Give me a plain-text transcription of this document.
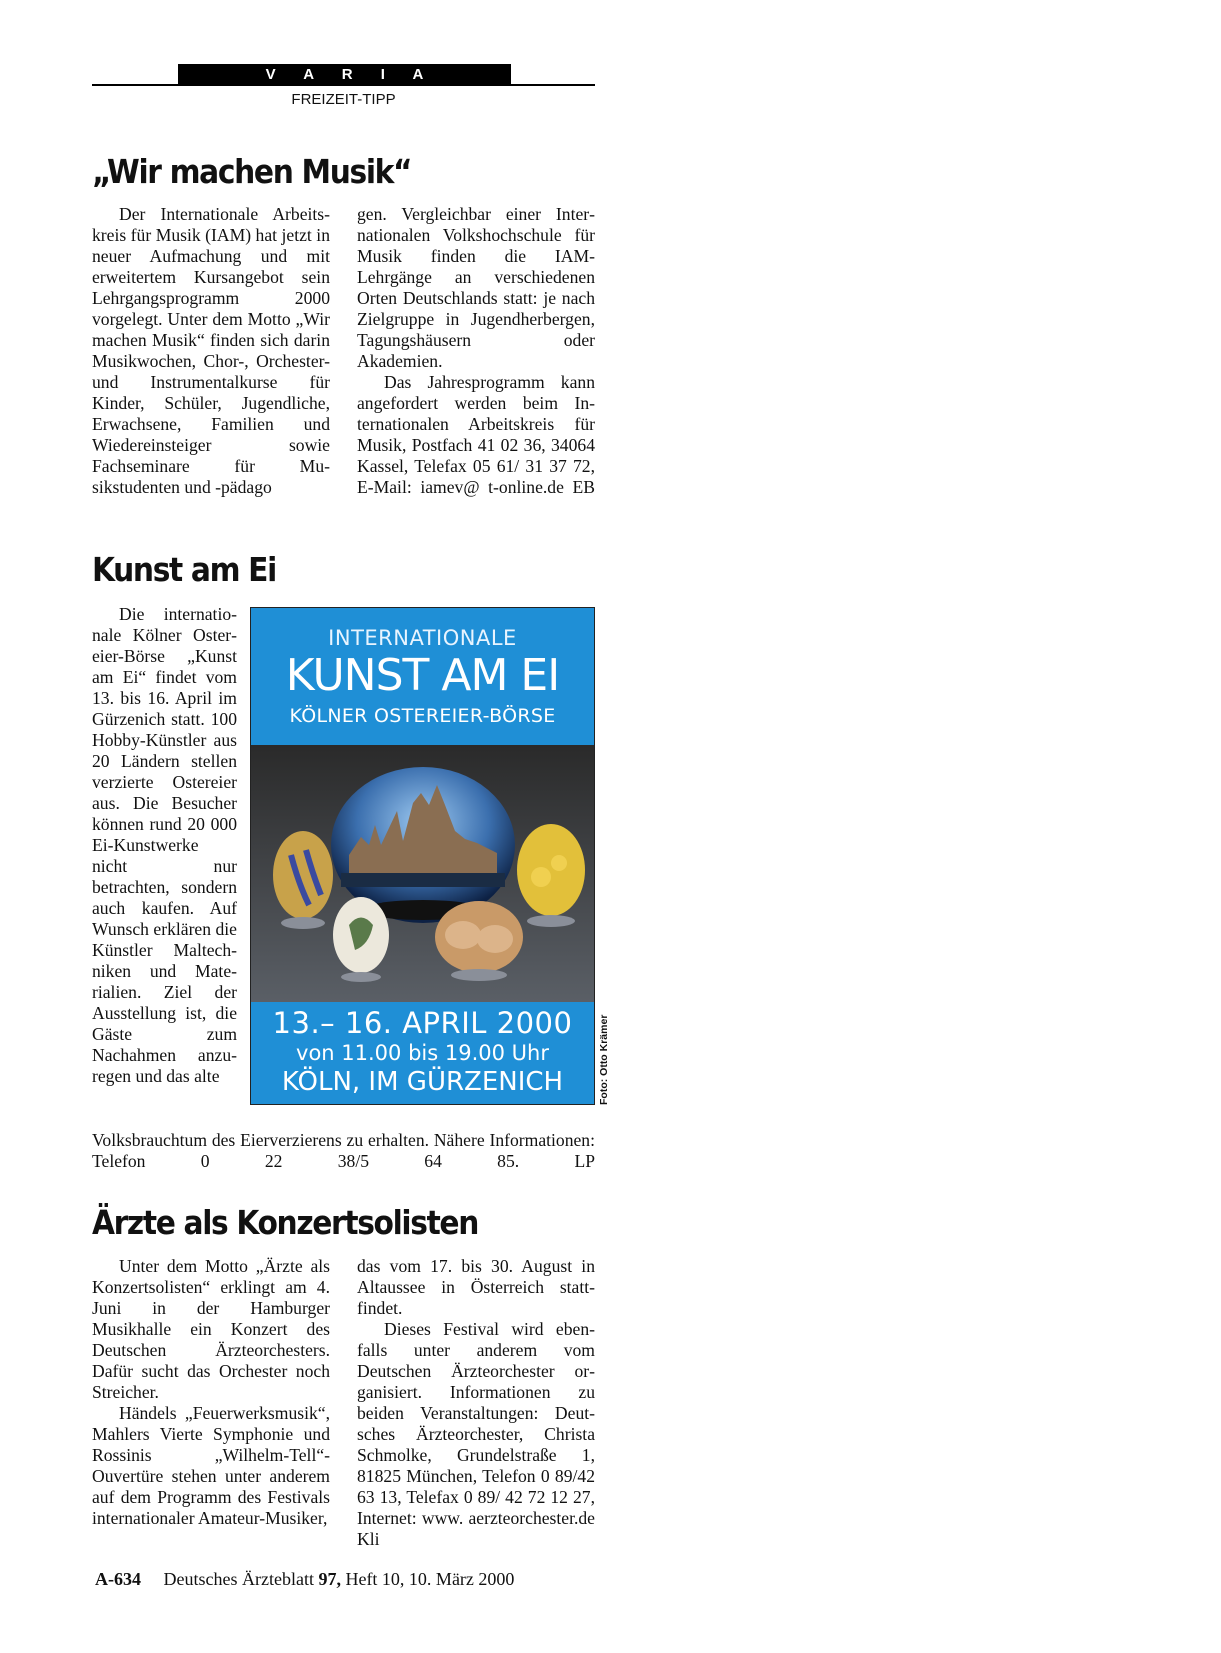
V A R I A
FREIZEIT-TIPP
„Wir machen Musik“

Der Internationale Arbeitskreis für Musik (IAM) hat jetzt in neuer Aufmachung und mit erweitertem Kursangebot sein Lehrgangsprogramm 2000 vorgelegt. Unter dem Motto „Wir machen Musik“ finden sich darin Musikwochen, Chor-, Orchester- und Instrumentalkurse für Kinder, Schüler, Jugendliche, Erwachsene, Familien und Wiedereinsteiger sowie Fachseminare für Musikstudenten und -pädago

gen. Vergleichbar einer Internationalen Volkshochschule für Musik finden die IAM-Lehrgänge an verschiedenen Orten Deutschlands statt: je nach Zielgruppe in Jugendherbergen, Tagungshäusern oder Akademien.

Das Jahresprogramm kann angefordert werden beim Internationalen Arbeitskreis für Musik, Postfach 41 02 36, 34064 Kassel, Telefax 05 61/ 31 37 72, E-Mail: iamev@ t-online.de EB

Kunst am Ei

Die internationale Kölner Ostereier-Börse „Kunst am Ei“ findet vom 13. bis 16. April im Gürzenich statt. 100 Hobby-Künstler aus 20 Ländern stellen verzierte Ostereier aus. Die Besucher können rund 20 000 Ei-Kunstwerke nicht nur betrachten, sondern auch kaufen. Auf Wunsch erklären die Künstler Maltechniken und Materialien. Ziel der Ausstellung ist, die Gäste zum Nachahmen anzuregen und das alte

Volksbrauchtum des Eierverzierens zu erhalten. Nähere Informationen: Telefon 0 22 38/5 64 85. LP

INTERNATIONALE
KUNST AM EI
KÖLNER OSTEREIER-BÖRSE
13.– 16. APRIL 2000
von 11.00 bis 19.00 Uhr
KÖLN, IM GÜRZENICH	Foto: Otto Krämer
Ärzte als Konzertsolisten

Unter dem Motto „Ärzte als Konzertsolisten“ erklingt am 4. Juni in der Hamburger Musikhalle ein Konzert des Deutschen Ärzteorchesters. Dafür sucht das Orchester noch Streicher.

Händels „Feuerwerksmusik“, Mahlers Vierte Symphonie und Rossinis „Wilhelm-Tell“-Ouvertüre stehen unter anderem auf dem Programm des Festivals internationaler Amateur-Musiker,

das vom 17. bis 30. August in Altaussee in Österreich stattfindet.

Dieses Festival wird ebenfalls unter anderem vom Deutschen Ärzteorchester organisiert. Informationen zu beiden Veranstaltungen: Deutsches Ärzteorchester, Christa Schmolke, Grundelstraße 1, 81825 München, Telefon 0 89/42 63 13, Telefax 0 89/ 42 72 12 27, Internet: www. aerzteorchester.de Kli

A-634 Deutsches Ärzteblatt 97, Heft 10, 10. März 2000
